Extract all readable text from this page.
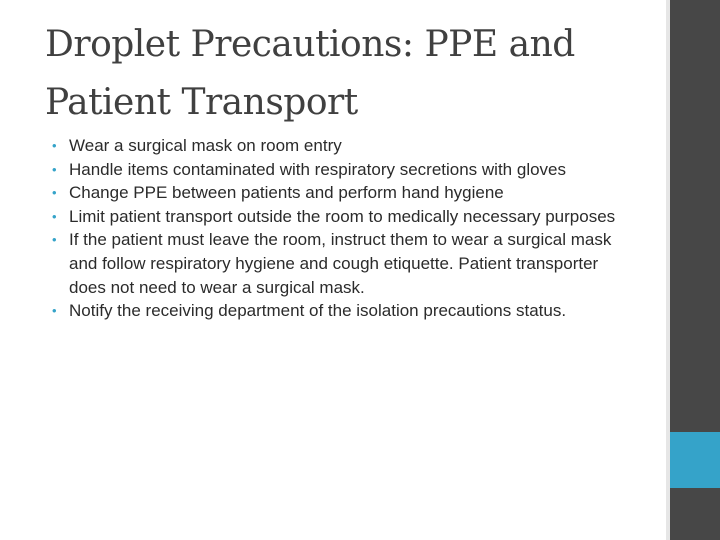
Droplet Precautions: PPE and Patient Transport
• Wear a surgical mask on room entry
• Handle items contaminated with respiratory secretions with gloves
• Change PPE between patients and perform hand hygiene
• Limit patient transport outside the room to medically necessary purposes
• If the patient must leave the room, instruct them to wear a surgical mask and follow respiratory hygiene and cough etiquette. Patient transporter does not need to wear a surgical mask.
• Notify the receiving department of the isolation precautions status.
